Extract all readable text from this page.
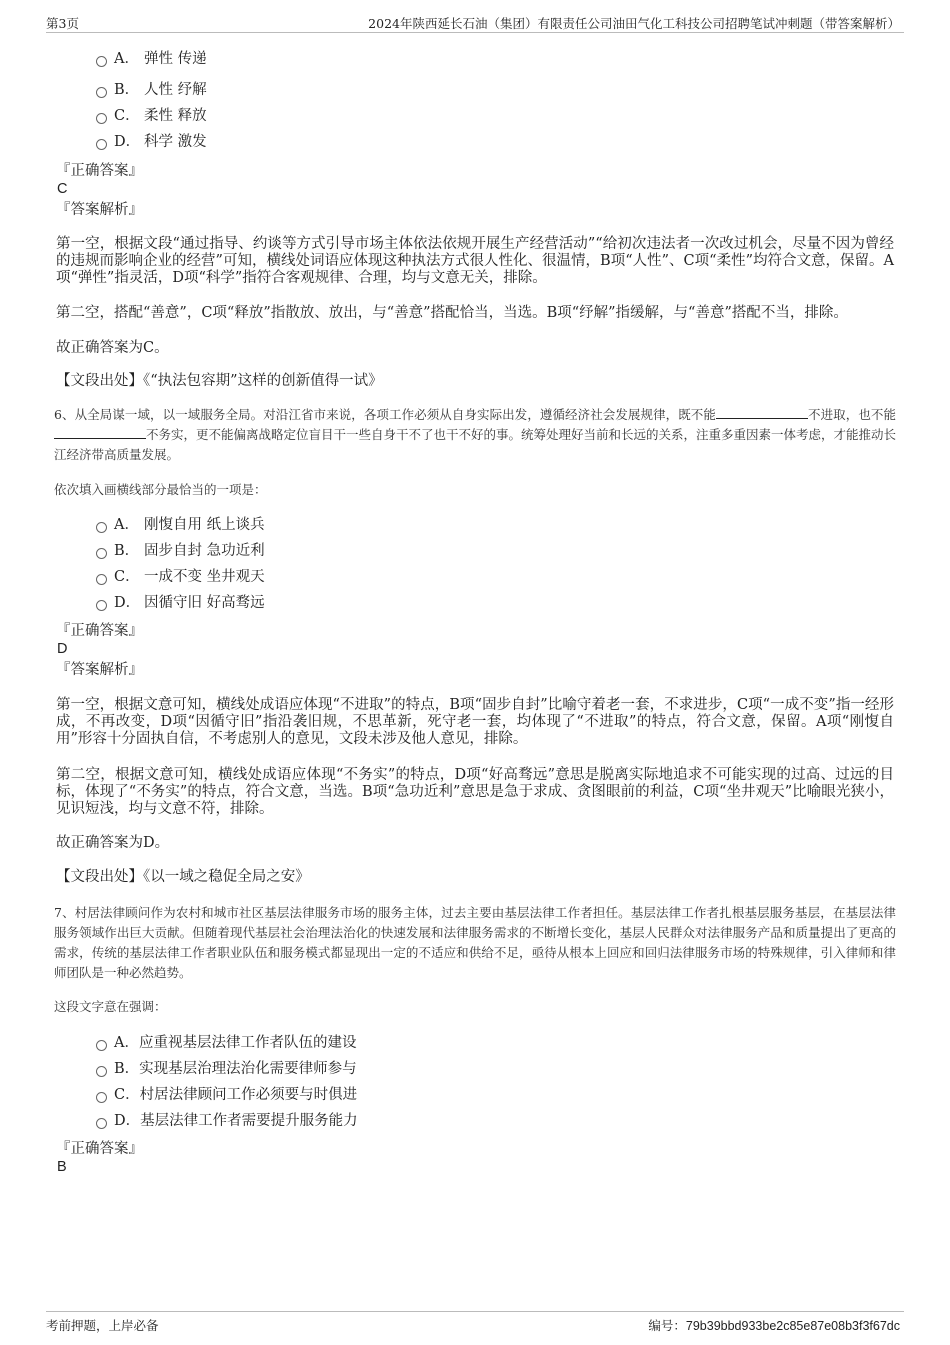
第3页	2024年陕西延长石油（集团）有限责任公司油田气化工科技公司招聘笔试冲刺题（带答案解析）
A． 弹性 传递
B． 人性 纾解
C． 柔性 释放
D． 科学 激发
『正确答案』
C
『答案解析』
第一空，根据文段“通过指导、约谈等方式引导市场主体依法依规开展生产经营活动”“给初次违法者一次改过机会，尽量不因为曾经的违规而影响企业的经营”可知，横线处词语应体现这种执法方式很人性化、很温情，B项“人性”、C项“柔性”均符合文意，保留。A项“弹性”指灵活，D项“科学”指符合客观规律、合理，均与文意无关，排除。
第二空，搭配“善意”，C项“释放”指散放、放出，与“善意”搭配恰当，当选。B项“纾解”指缓解，与“善意”搭配不当，排除。
故正确答案为C。
【文段出处】《“执法包容期”这样的创新值得一试》
6、从全局谋一域，以一域服务全局。对沿江省市来说，各项工作必须从自身实际出发，遵循经济社会发展规律，既不能	不进取，也不能不务实，更不能偏离战略定位盲目干一些自身干不了也干不好的事。统筹处理好当前和长远的关系，注重多重因素一体考虑，才能推动长江经济带高质量发展。
依次填入画横线部分最恰当的一项是：
A． 刚愎自用 纸上谈兵
B． 固步自封 急功近利
C． 一成不变 坐井观天
D． 因循守旧 好高骛远
『正确答案』
D
『答案解析』
第一空，根据文意可知，横线处成语应体现“不进取”的特点，B项“固步自封”比喻守着老一套，不求进步，C项“一成不变”指一经形成，不再改变，D项“因循守旧”指沿袭旧规，不思革新，死守老一套，均体现了“不进取”的特点，符合文意，保留。A项“刚愎自用”形容十分固执自信，不考虑别人的意见，文段未涉及他人意见，排除。
第二空，根据文意可知，横线处成语应体现“不务实”的特点，D项“好高骛远”意思是脱离实际地追求不可能实现的过高、过远的目标，体现了“不务实”的特点，符合文意，当选。B项“急功近利”意思是急于求成、贪图眼前的利益，C项“坐井观天”比喻眼光狭小，见识短浅，均与文意不符，排除。
故正确答案为D。
【文段出处】《以一域之稳促全局之安》
7、村居法律顾问作为农村和城市社区基层法律服务市场的服务主体，过去主要由基层法律工作者担任。基层法律工作者扎根基层服务基层，在基层法律服务领域作出巨大贡献。但随着现代基层社会治理法治化的快速发展和法律服务需求的不断增长变化，基层人民群众对法律服务产品和质量提出了更高的需求，传统的基层法律工作者职业队伍和服务模式都显现出一定的不适应和供给不足，亟待从根本上回应和回归法律服务市场的特殊规律，引入律师和律师团队是一种必然趋势。
这段文字意在强调：
A．应重视基层法律工作者队伍的建设
B．实现基层治理法治化需要律师参与
C．村居法律顾问工作必须要与时俱进
D．基层法律工作者需要提升服务能力
『正确答案』
B
考前押题，上岸必备	编号：79b39bbd933be2c85e87e08b3f3f67dc
